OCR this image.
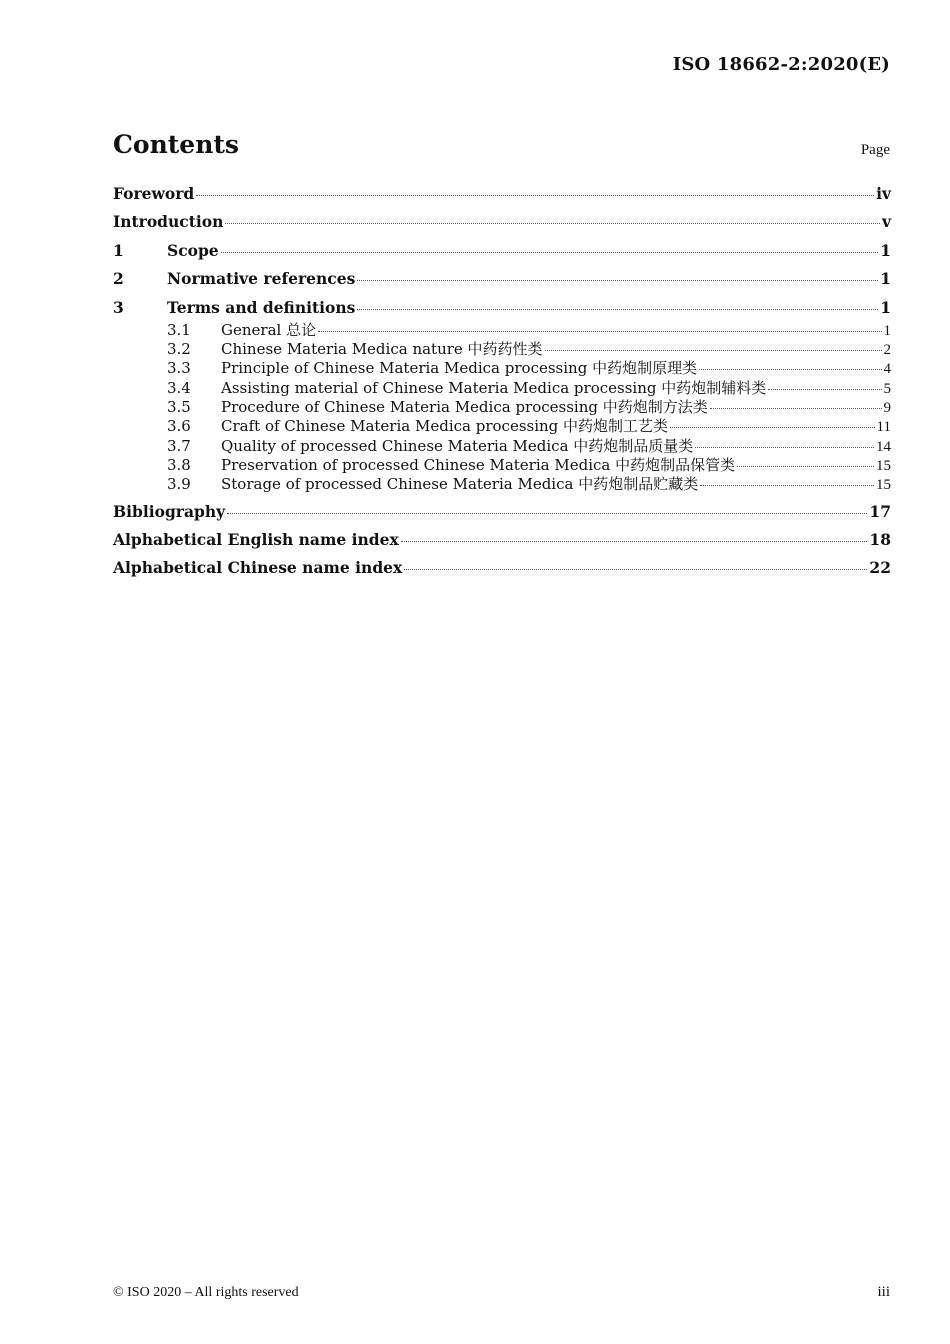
ISO 18662-2:2020(E)
Contents	Page
Foreword	iv
Introduction	v
1	Scope	1
2	Normative references	1
3	Terms and definitions	1
3.1	General 总论	1
3.2	Chinese Materia Medica nature 中药药性类	2
3.3	Principle of Chinese Materia Medica processing 中药炮制原理类	4
3.4	Assisting material of Chinese Materia Medica processing 中药炮制辅料类	5
3.5	Procedure of Chinese Materia Medica processing 中药炮制方法类	9
3.6	Craft of Chinese Materia Medica processing 中药炮制工艺类	11
3.7	Quality of processed Chinese Materia Medica 中药炮制品质量类	14
3.8	Preservation of processed Chinese Materia Medica 中药炮制品保管类	15
3.9	Storage of processed Chinese Materia Medica 中药炮制品贮藏类	15
Bibliography	17
Alphabetical English name index	18
Alphabetical Chinese name index	22
© ISO 2020 – All rights reserved	iii
